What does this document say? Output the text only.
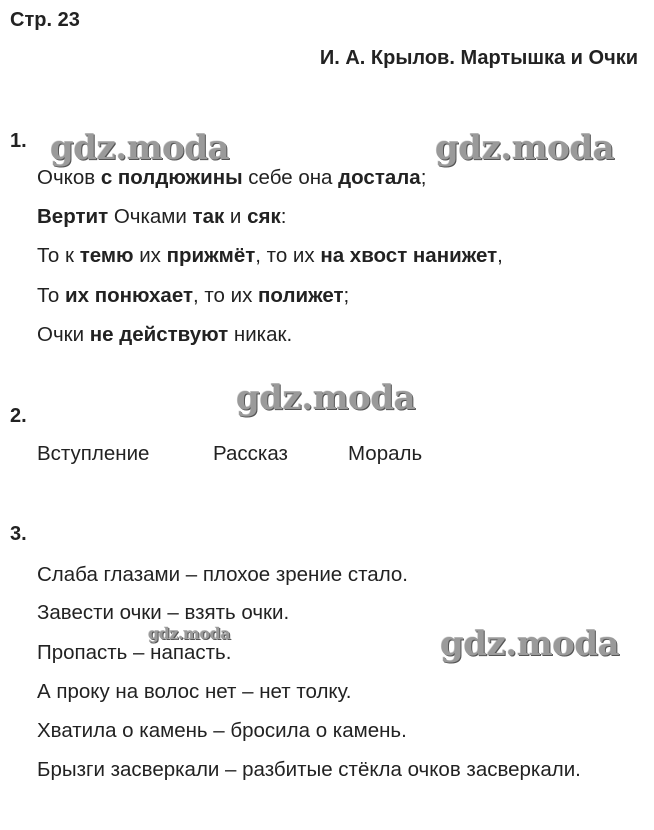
Стр. 23
И. А. Крылов. Мартышка и Очки
gdz.moda	gdz.moda
gdz.moda
gdz.moda	gdz.moda
1.
Очков с полдюжины себе она достала;
Вертит Очками так и сяк:
То к темю их прижмёт, то их на хвост нанижет,
То их понюхает, то их полижет;
Очки не действуют никак.
2.
Вступление	Рассказ	Мораль
3.
Слаба глазами – плохое зрение стало.
Завести очки – взять очки.
Пропасть – напасть.
А проку на волос нет – нет толку.
Хватила о камень – бросила о камень.
Брызги засверкали – разбитые стёкла очков засверкали.
